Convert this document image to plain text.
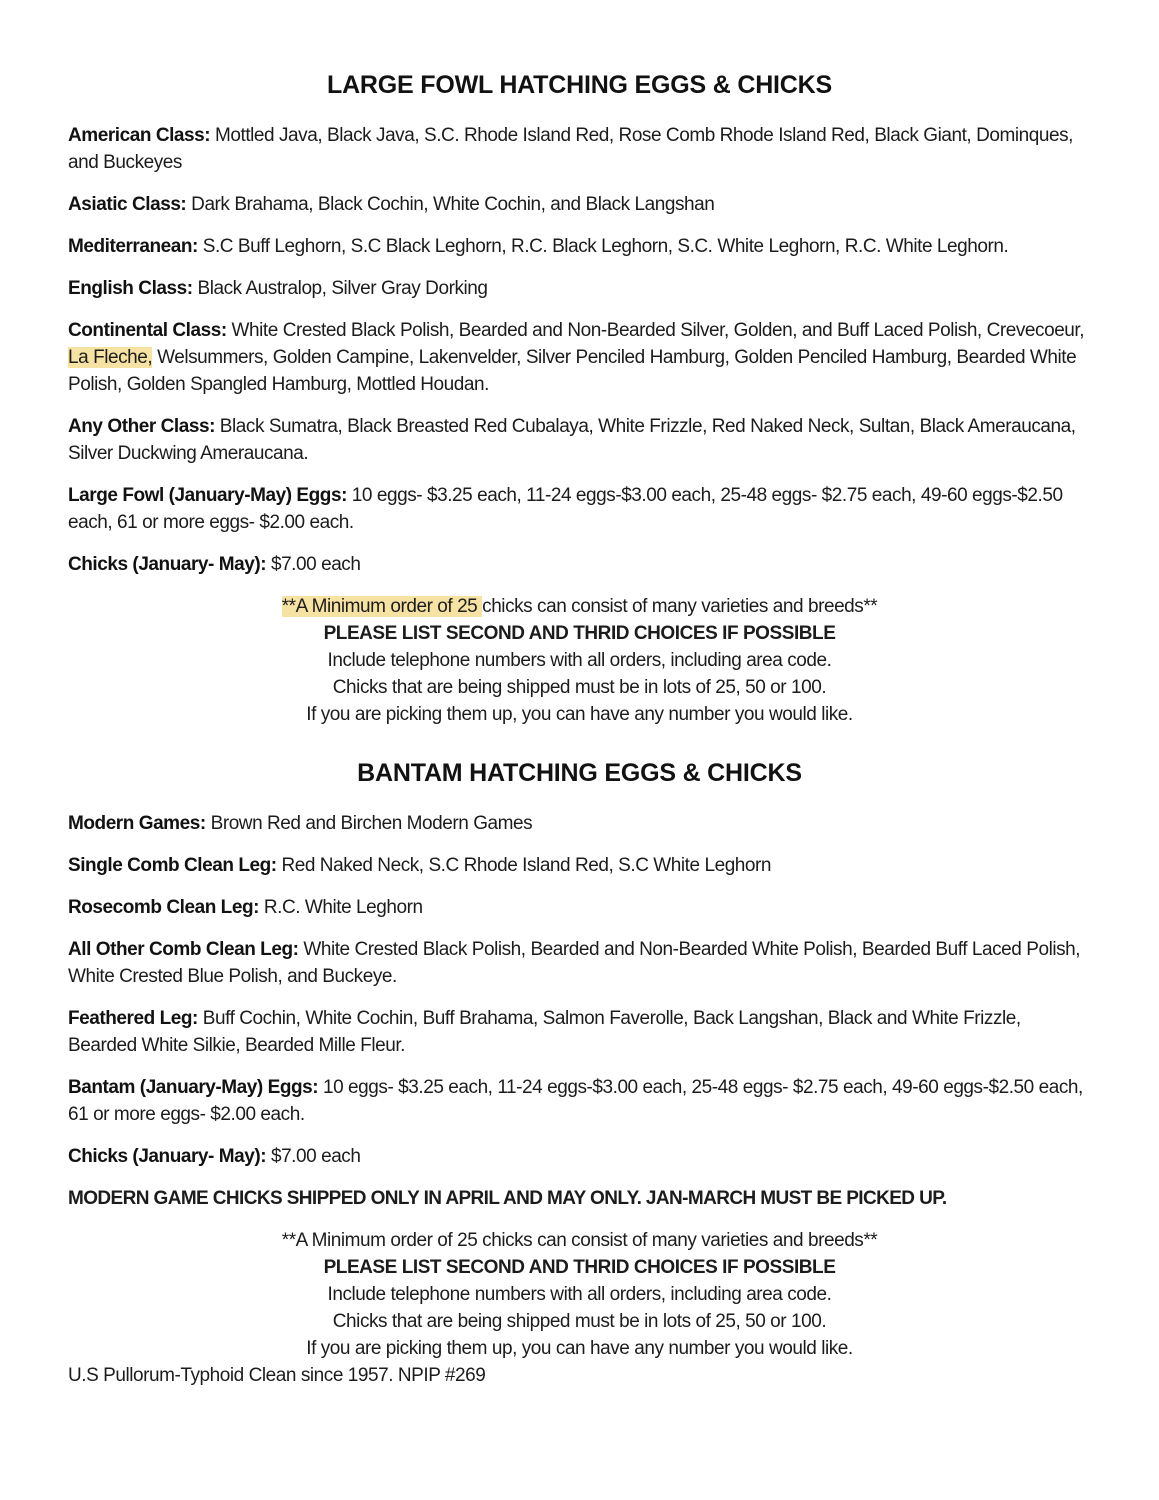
LARGE FOWL HATCHING EGGS & CHICKS

American Class: Mottled Java, Black Java, S.C. Rhode Island Red, Rose Comb Rhode Island Red, Black Giant, Dominques, and Buckeyes

Asiatic Class: Dark Brahama, Black Cochin, White Cochin, and Black Langshan

Mediterranean: S.C Buff Leghorn, S.C Black Leghorn, R.C. Black Leghorn, S.C. White Leghorn, R.C. White Leghorn.

English Class: Black Australop, Silver Gray Dorking

Continental Class: White Crested Black Polish, Bearded and Non-Bearded Silver, Golden, and Buff Laced Polish, Crevecoeur, La Fleche, Welsummers, Golden Campine, Lakenvelder, Silver Penciled Hamburg, Golden Penciled Hamburg, Bearded White Polish, Golden Spangled Hamburg, Mottled Houdan.

Any Other Class: Black Sumatra, Black Breasted Red Cubalaya, White Frizzle, Red Naked Neck, Sultan, Black Ameraucana, Silver Duckwing Ameraucana.

Large Fowl (January-May) Eggs: 10 eggs- $3.25 each, 11-24 eggs-$3.00 each, 25-48 eggs- $2.75 each, 49-60 eggs-$2.50 each, 61 or more eggs- $2.00 each.

Chicks (January- May): $7.00 each

**A Minimum order of 25 chicks can consist of many varieties and breeds**
PLEASE LIST SECOND AND THRID CHOICES IF POSSIBLE
Include telephone numbers with all orders, including area code.
Chicks that are being shipped must be in lots of 25, 50 or 100.
If you are picking them up, you can have any number you would like.
BANTAM HATCHING EGGS & CHICKS

Modern Games: Brown Red and Birchen Modern Games

Single Comb Clean Leg: Red Naked Neck, S.C Rhode Island Red, S.C White Leghorn

Rosecomb Clean Leg: R.C. White Leghorn

All Other Comb Clean Leg: White Crested Black Polish, Bearded and Non-Bearded White Polish, Bearded Buff Laced Polish, White Crested Blue Polish, and Buckeye.

Feathered Leg: Buff Cochin, White Cochin, Buff Brahama, Salmon Faverolle, Back Langshan, Black and White Frizzle, Bearded White Silkie, Bearded Mille Fleur.

Bantam (January-May) Eggs: 10 eggs- $3.25 each, 11-24 eggs-$3.00 each, 25-48 eggs- $2.75 each, 49-60 eggs-$2.50 each, 61 or more eggs- $2.00 each.

Chicks (January- May): $7.00 each

MODERN GAME CHICKS SHIPPED ONLY IN APRIL AND MAY ONLY. JAN-MARCH MUST BE PICKED UP.

**A Minimum order of 25 chicks can consist of many varieties and breeds**
PLEASE LIST SECOND AND THRID CHOICES IF POSSIBLE
Include telephone numbers with all orders, including area code.
Chicks that are being shipped must be in lots of 25, 50 or 100.
If you are picking them up, you can have any number you would like.

U.S Pullorum-Typhoid Clean since 1957. NPIP #269
